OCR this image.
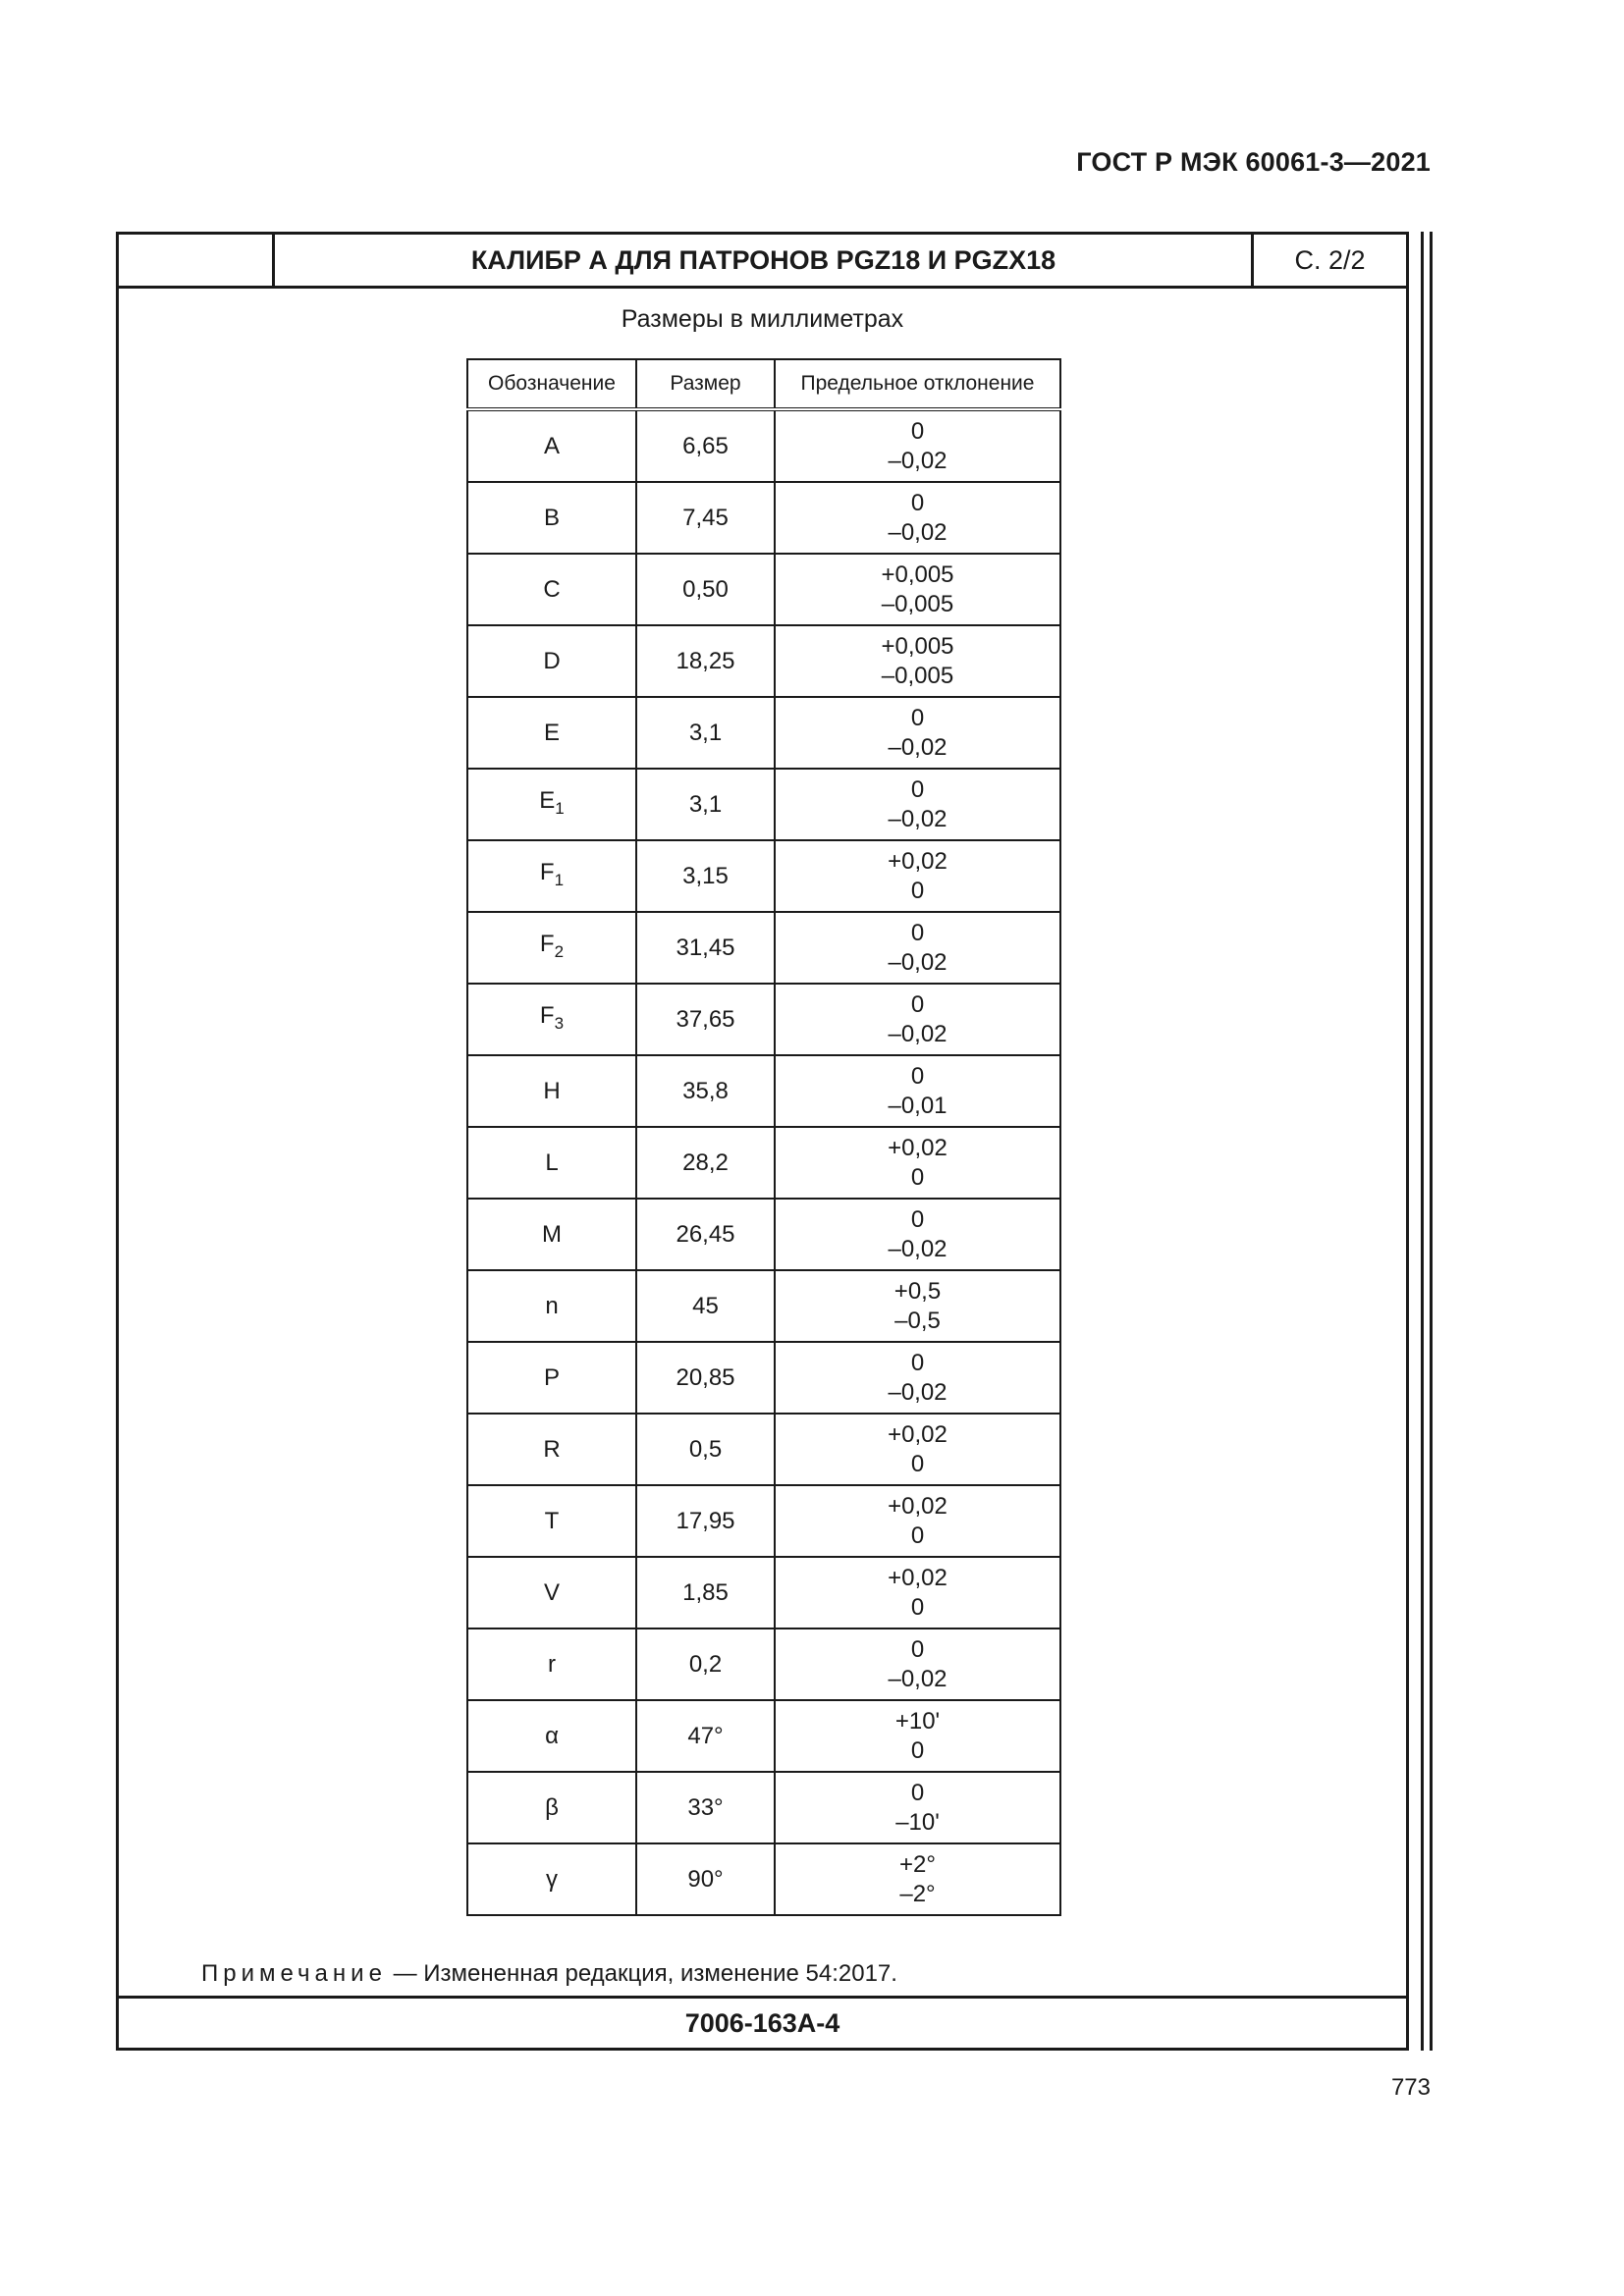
ГОСТ Р МЭК 60061-3—2021
КАЛИБР А ДЛЯ ПАТРОНОВ PGZ18 И PGZX18	С. 2/2
Размеры в миллиметрах
Обозначение	Размер	Предельное отклонение
A	6,65	0
–0,02

B	7,45	0
–0,02

C	0,50	+0,005
–0,005

D	18,25	+0,005
–0,005

E	3,1	0
–0,02

$E_1$	3,1	0
–0,02

$F_1$	3,15	+0,02
0

$F_2$	31,45	0
–0,02

$F_3$	37,65	0
–0,02

H	35,8	0
–0,01

L	28,2	+0,02
0

M	26,45	0
–0,02

n	45	+0,5
–0,5

P	20,85	0
–0,02

R	0,5	+0,02
0

T	17,95	+0,02
0

V	1,85	+0,02
0

r	0,2	0
–0,02

α	47°	+10'
0

β	33°	0
–10'

γ	90°	+2°
–2°
Примечание — Измененная редакция, изменение 54:2017.
7006-163A-4
773
